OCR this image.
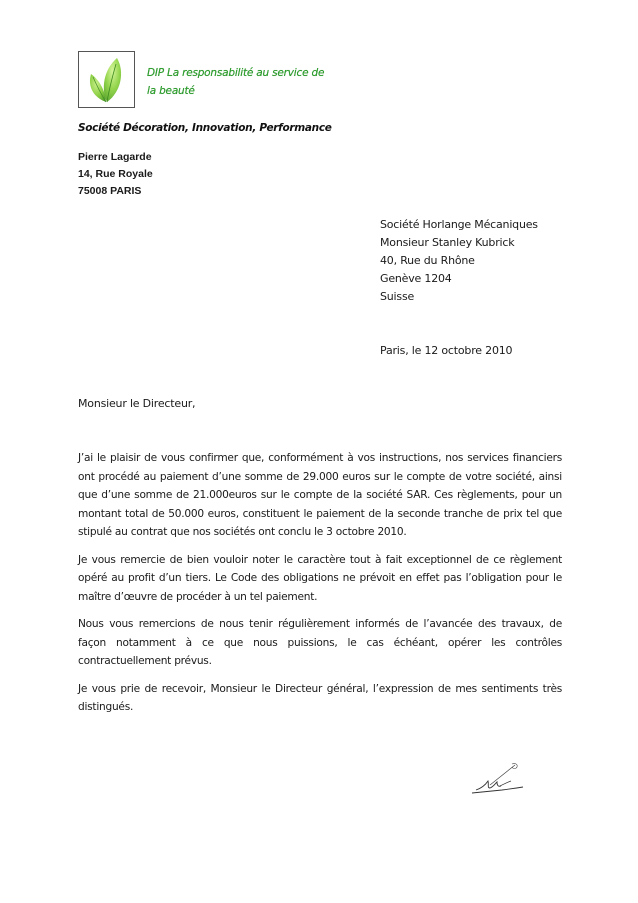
DIP La responsabilité au service de
la beauté
Société Décoration, Innovation, Performance
Pierre Lagarde
14, Rue Royale
75008 PARIS
Société Horlange Mécaniques
Monsieur Stanley Kubrick
40, Rue du Rhône
Genève 1204
Suisse
Paris, le 12 octobre 2010
Monsieur le Directeur,

J’ai le plaisir de vous confirmer que, conformément à vos instructions, nos services financiers ont procédé au paiement d’une somme de 29.000 euros sur le compte de votre société, ainsi que d’une somme de 21.000euros sur le compte de la société SAR. Ces règlements, pour un montant total de 50.000 euros, constituent le paiement de la seconde tranche de prix tel que stipulé au contrat que nos sociétés ont conclu le 3 octobre 2010.

Je vous remercie de bien vouloir noter le caractère tout à fait exceptionnel de ce règlement opéré au profit d’un tiers. Le Code des obligations ne prévoit en effet pas l’obligation pour le maître d’œuvre de procéder à un tel paiement.

Nous vous remercions de nous tenir régulièrement informés de l’avancée des travaux, de façon notamment à ce que nous puissions, le cas échéant, opérer les contrôles contractuellement prévus.

Je vous prie de recevoir, Monsieur le Directeur général, l’expression de mes sentiments très distingués.
